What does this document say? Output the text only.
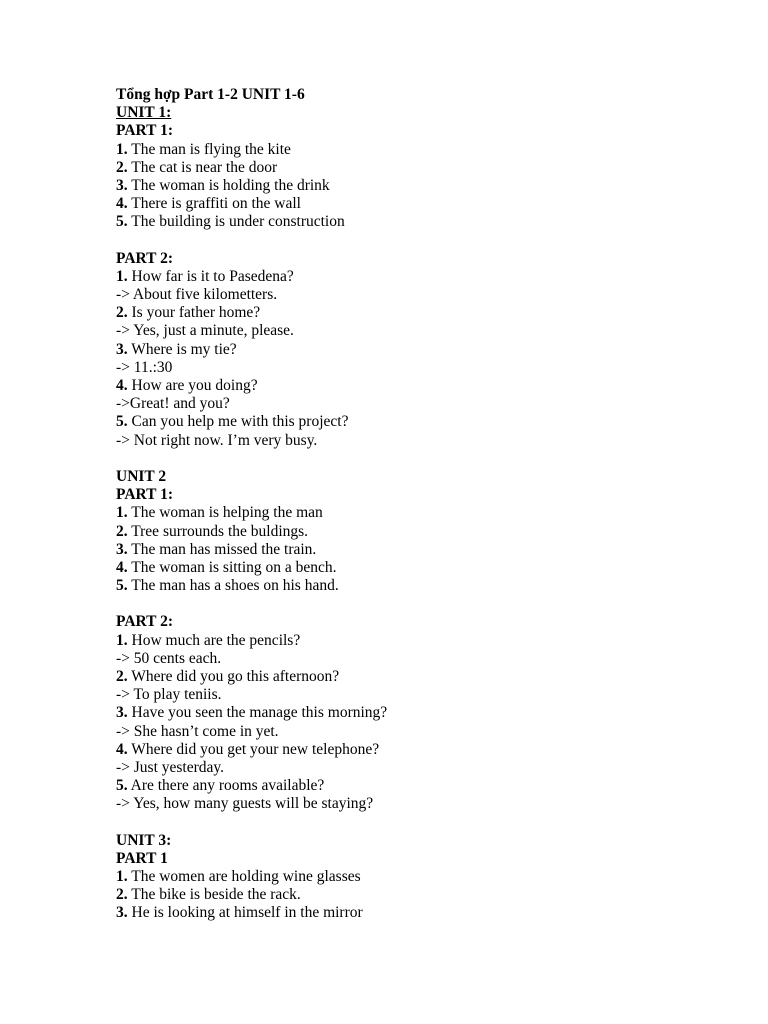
Tổng hợp Part 1-2 UNIT 1-6
UNIT 1:
PART 1:
1. The man is flying the kite
2. The cat is near the door
3. The woman is holding the drink
4. There is graffiti on the wall
5. The building is under construction
PART 2:
1. How far is it to Pasedena?
-> About five kilometters.
2. Is your father home?
-> Yes, just a minute, please.
3. Where is my tie?
-> 11.:30
4. How are you doing?
->Great! and you?
5. Can you help me with this project?
-> Not right now. I’m very busy.
UNIT 2
PART 1:
1. The woman is helping the man
2. Tree surrounds the buldings.
3. The man has missed the train.
4. The woman is sitting on a bench.
5. The man has a shoes on his hand.
PART 2:
1. How much are the pencils?
-> 50 cents each.
2. Where did you go this afternoon?
-> To play teniis.
3. Have you seen the manage this morning?
-> She hasn’t come in yet.
4. Where did you get your new telephone?
-> Just yesterday.
5. Are there any rooms available?
-> Yes, how many guests will be staying?
UNIT 3:
PART 1
1. The women are holding wine glasses
2. The bike is beside the rack.
3. He is looking at himself in the mirror
